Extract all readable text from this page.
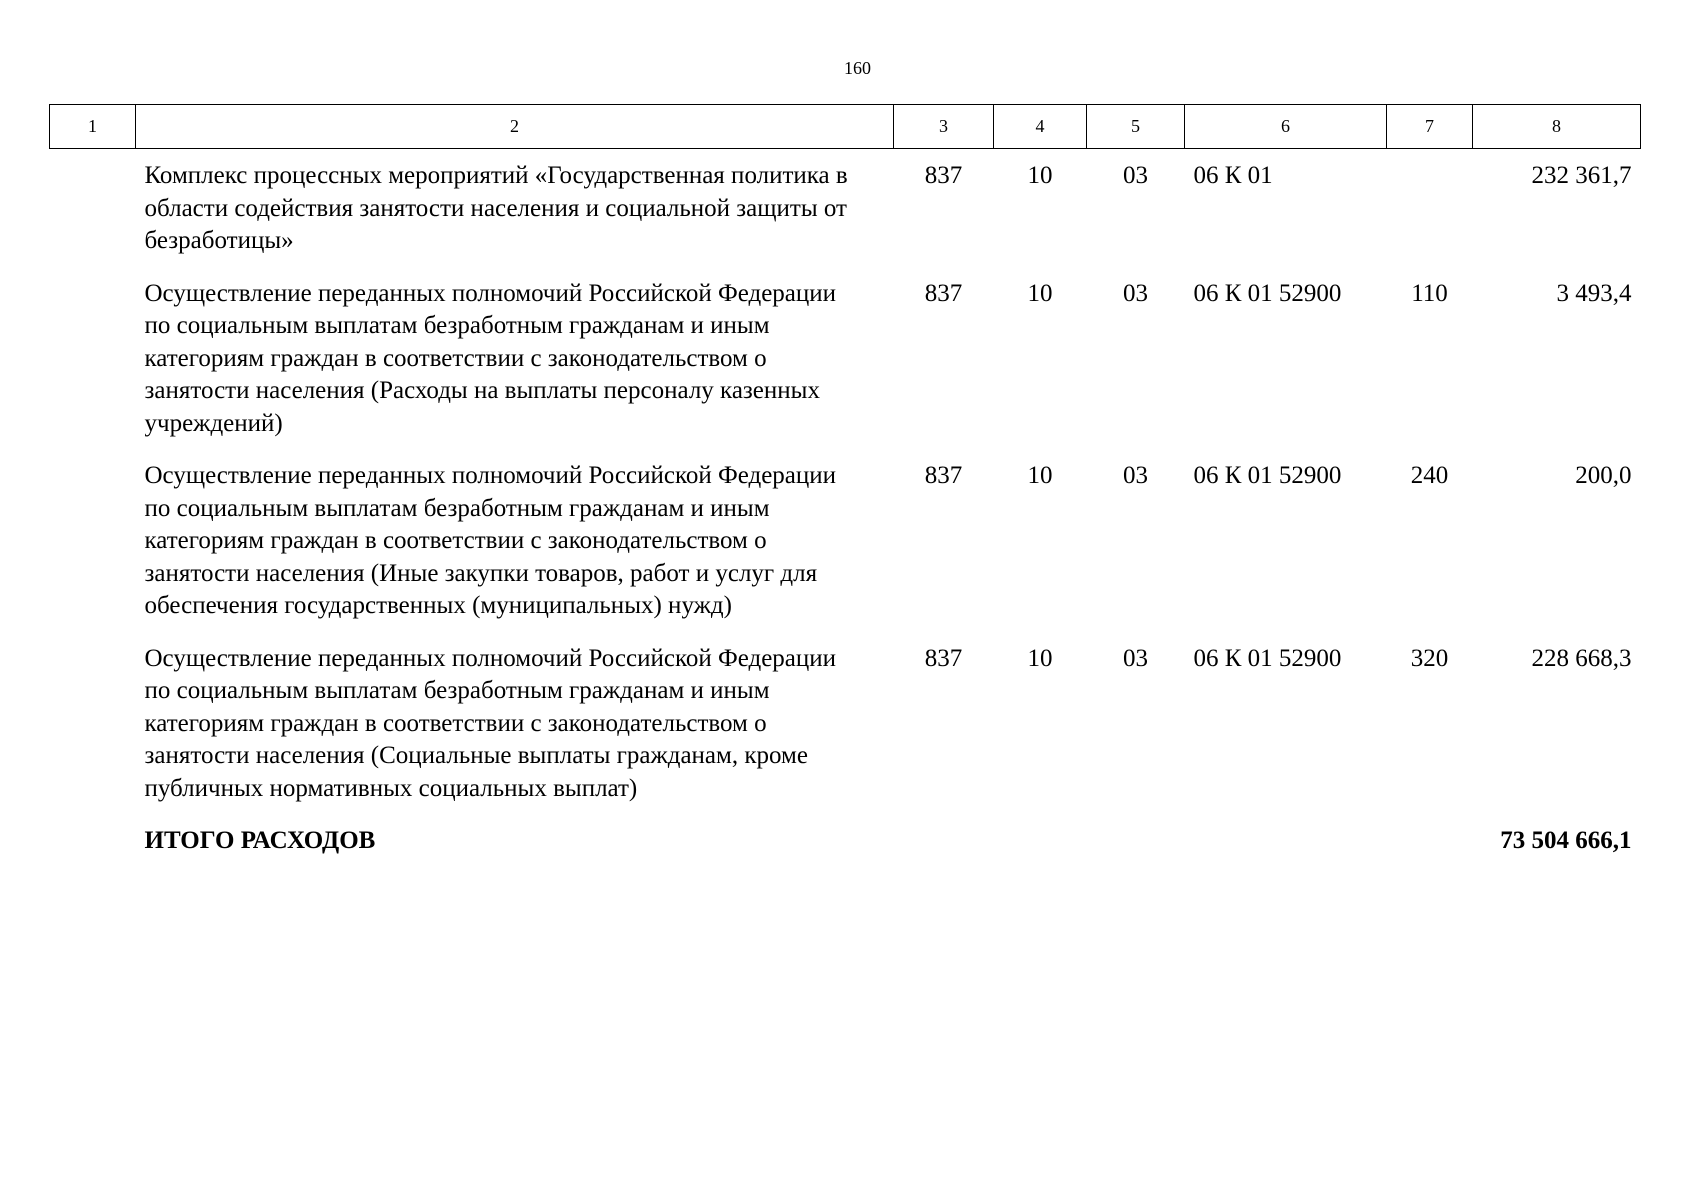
160
1	2	3	4	5	6	7	8
	Комплекс процессных мероприятий «Государственная политика в области содействия занятости населения и социальной защиты от безработицы»	837	10	03	06 К 01		232 361,7
	Осуществление переданных полномочий Российской Федерации по социальным выплатам безработным гражданам и иным категориям граждан в соответствии с законодательством о занятости населения (Расходы на выплаты персоналу казенных учреждений)	837	10	03	06 К 01 52900	110	3 493,4
	Осуществление переданных полномочий Российской Федерации по социальным выплатам безработным гражданам и иным категориям граждан в соответствии с законодательством о занятости населения (Иные закупки товаров, работ и услуг для обеспечения государственных (муниципальных) нужд)	837	10	03	06 К 01 52900	240	200,0
	Осуществление переданных полномочий Российской Федерации по социальным выплатам безработным гражданам и иным категориям граждан в соответствии с законодательством о занятости населения (Социальные выплаты гражданам, кроме публичных нормативных социальных выплат)	837	10	03	06 К 01 52900	320	228 668,3
	ИТОГО РАСХОДОВ						73 504 666,1
